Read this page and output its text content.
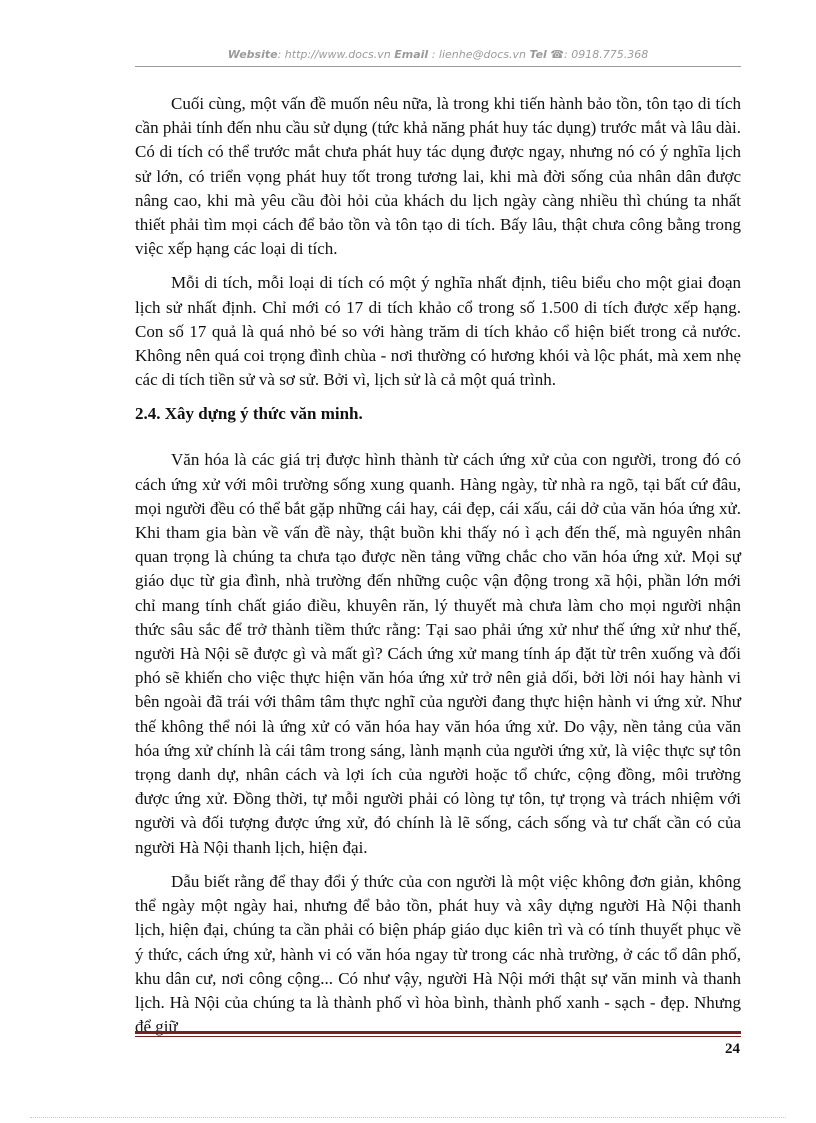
Website: http://www.docs.vn Email : lienhe@docs.vn Tel ☎: 0918.775.368

Cuối cùng, một vấn đề muốn nêu nữa, là trong khi tiến hành bảo tồn, tôn tạo di tích cần phải tính đến nhu cầu sử dụng (tức khả năng phát huy tác dụng) trước mắt và lâu dài. Có di tích có thể trước mắt chưa phát huy tác dụng được ngay, nhưng nó có ý nghĩa lịch sử lớn, có triển vọng phát huy tốt trong tương lai, khi mà đời sống của nhân dân được nâng cao, khi mà yêu cầu đòi hỏi của khách du lịch ngày càng nhiều thì chúng ta nhất thiết phải tìm mọi cách để bảo tồn và tôn tạo di tích. Bấy lâu, thật chưa công bằng trong việc xếp hạng các loại di tích.

Mỗi di tích, mỗi loại di tích có một ý nghĩa nhất định, tiêu biểu cho một giai đoạn lịch sử nhất định. Chỉ mới có 17 di tích khảo cổ trong số 1.500 di tích được xếp hạng. Con số 17 quả là quá nhỏ bé so với hàng trăm di tích khảo cổ hiện biết trong cả nước. Không nên quá coi trọng đình chùa - nơi thường có hương khói và lộc phát, mà xem nhẹ các di tích tiền sử và sơ sử. Bởi vì, lịch sử là cả một quá trình.

2.4. Xây dựng ý thức văn minh.

Văn hóa là các giá trị được hình thành từ cách ứng xử của con người, trong đó có cách ứng xử với môi trường sống xung quanh. Hàng ngày, từ nhà ra ngõ, tại bất cứ đâu, mọi người đều có thể bắt gặp những cái hay, cái đẹp, cái xấu, cái dở của văn hóa ứng xử. Khi tham gia bàn về vấn đề này, thật buồn khi thấy nó ì ạch đến thế, mà nguyên nhân quan trọng là chúng ta chưa tạo được nền tảng vững chắc cho văn hóa ứng xử. Mọi sự giáo dục từ gia đình, nhà trường đến những cuộc vận động trong xã hội, phần lớn mới chỉ mang tính chất giáo điều, khuyên răn, lý thuyết mà chưa làm cho mọi người nhận thức sâu sắc để trở thành tiềm thức rằng: Tại sao phải ứng xử như thế ứng xử như thế, người Hà Nội sẽ được gì và mất gì? Cách ứng xử mang tính áp đặt từ trên xuống và đối phó sẽ khiến cho việc thực hiện văn hóa ứng xử trở nên giả dối, bởi lời nói hay hành vi bên ngoài đã trái với thâm tâm thực nghĩ của người đang thực hiện hành vi ứng xử. Như thế không thể nói là ứng xử có văn hóa hay văn hóa ứng xử. Do vậy, nền tảng của văn hóa ứng xử chính là cái tâm trong sáng, lành mạnh của người ứng xử, là việc thực sự tôn trọng danh dự, nhân cách và lợi ích của người hoặc tổ chức, cộng đồng, môi trường được ứng xử. Đồng thời, tự mỗi người phải có lòng tự tôn, tự trọng và trách nhiệm với người và đối tượng được ứng xử, đó chính là lẽ sống, cách sống và tư chất cần có của người Hà Nội thanh lịch, hiện đại.

Dẫu biết rằng để thay đổi ý thức của con người là một việc không đơn giản, không thể ngày một ngày hai, nhưng để bảo tồn, phát huy và xây dựng người Hà Nội thanh lịch, hiện đại, chúng ta cần phải có biện pháp giáo dục kiên trì và có tính thuyết phục về ý thức, cách ứng xử, hành vi có văn hóa ngay từ trong các nhà trường, ở các tổ dân phố, khu dân cư, nơi công cộng... Có như vậy, người Hà Nội mới thật sự văn minh và thanh lịch. Hà Nội của chúng ta là thành phố vì hòa bình, thành phố xanh - sạch - đẹp. Nhưng để giữ

24
